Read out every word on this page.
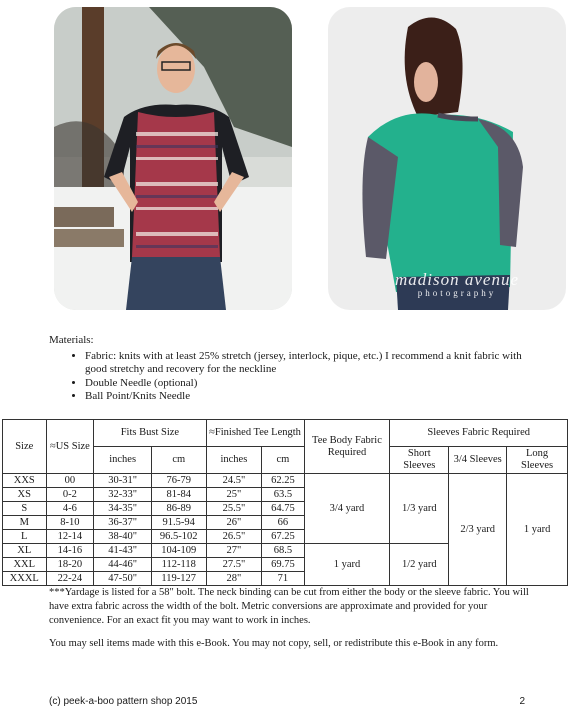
madison avenue
photography
Materials:
• Fabric: knits with at least 25% stretch (jersey, interlock, pique, etc.) I recommend a knit fabric with good stretchy and recovery for the neckline
• Double Needle (optional)
• Ball Point/Knits Needle
Size	≈US Size	Fits Bust Size		≈Finished Tee Length		Tee Body Fabric Required	Sleeves Fabric Required		
		inches	cm	inches	cm		Short Sleeves	3/4 Sleeves	Long Sleeves
XXS	00	30-31"	76-79	24.5"	62.25	3/4 yard	1/3 yard	2/3 yard	1 yard
XS	0-2	32-33"	81-84	25"	63.5				
S	4-6	34-35"	86-89	25.5"	64.75				
M	8-10	36-37"	91.5-94	26"	66				
L	12-14	38-40"	96.5-102	26.5"	67.25				
XL	14-16	41-43"	104-109	27"	68.5	1 yard	1/2 yard		
XXL	18-20	44-46"	112-118	27.5"	69.75				
XXXL	22-24	47-50"	119-127	28"	71				
***Yardage is listed for a 58" bolt. The neck binding can be cut from either the body or the sleeve fabric. You will have extra fabric across the width of the bolt. Metric conversions are approximate and provided for your convenience. For an exact fit you may want to work in inches.
You may sell items made with this e-Book. You may not copy, sell, or redistribute this e-Book in any form.
(c) peek-a-boo pattern shop 2015	2
